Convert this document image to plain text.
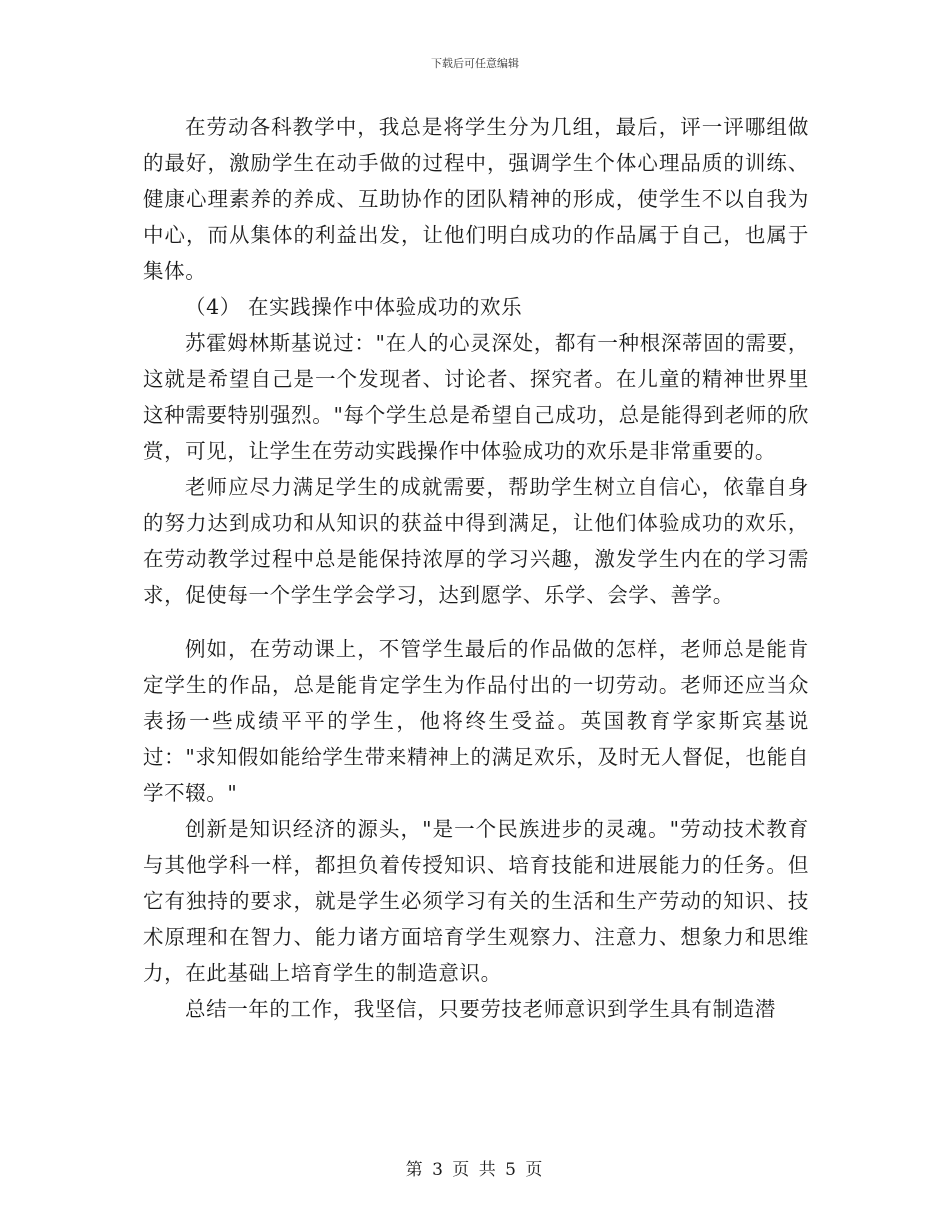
下载后可任意编辑

在劳动各科教学中，我总是将学生分为几组，最后，评一评哪组做的最好，激励学生在动手做的过程中，强调学生个体心理品质的训练、健康心理素养的养成、互助协作的团队精神的形成，使学生不以自我为中心，而从集体的利益出发，让他们明白成功的作品属于自己，也属于集体。

（4） 在实践操作中体验成功的欢乐

苏霍姆林斯基说过："在人的心灵深处，都有一种根深蒂固的需要，这就是希望自己是一个发现者、讨论者、探究者。在儿童的精神世界里这种需要特别强烈。"每个学生总是希望自己成功，总是能得到老师的欣赏，可见，让学生在劳动实践操作中体验成功的欢乐是非常重要的。

老师应尽力满足学生的成就需要，帮助学生树立自信心，依靠自身的努力达到成功和从知识的获益中得到满足，让他们体验成功的欢乐，在劳动教学过程中总是能保持浓厚的学习兴趣，激发学生内在的学习需求，促使每一个学生学会学习，达到愿学、乐学、会学、善学。

例如，在劳动课上，不管学生最后的作品做的怎样，老师总是能肯定学生的作品，总是能肯定学生为作品付出的一切劳动。老师还应当众表扬一些成绩平平的学生，他将终生受益。英国教育学家斯宾基说过："求知假如能给学生带来精神上的满足欢乐，及时无人督促，也能自学不辍。"

创新是知识经济的源头，"是一个民族进步的灵魂。"劳动技术教育与其他学科一样，都担负着传授知识、培育技能和进展能力的任务。但它有独持的要求，就是学生必须学习有关的生活和生产劳动的知识、技术原理和在智力、能力诸方面培育学生观察力、注意力、想象力和思维力，在此基础上培育学生的制造意识。

总结一年的工作，我坚信，只要劳技老师意识到学生具有制造潜

第 3 页 共 5 页
